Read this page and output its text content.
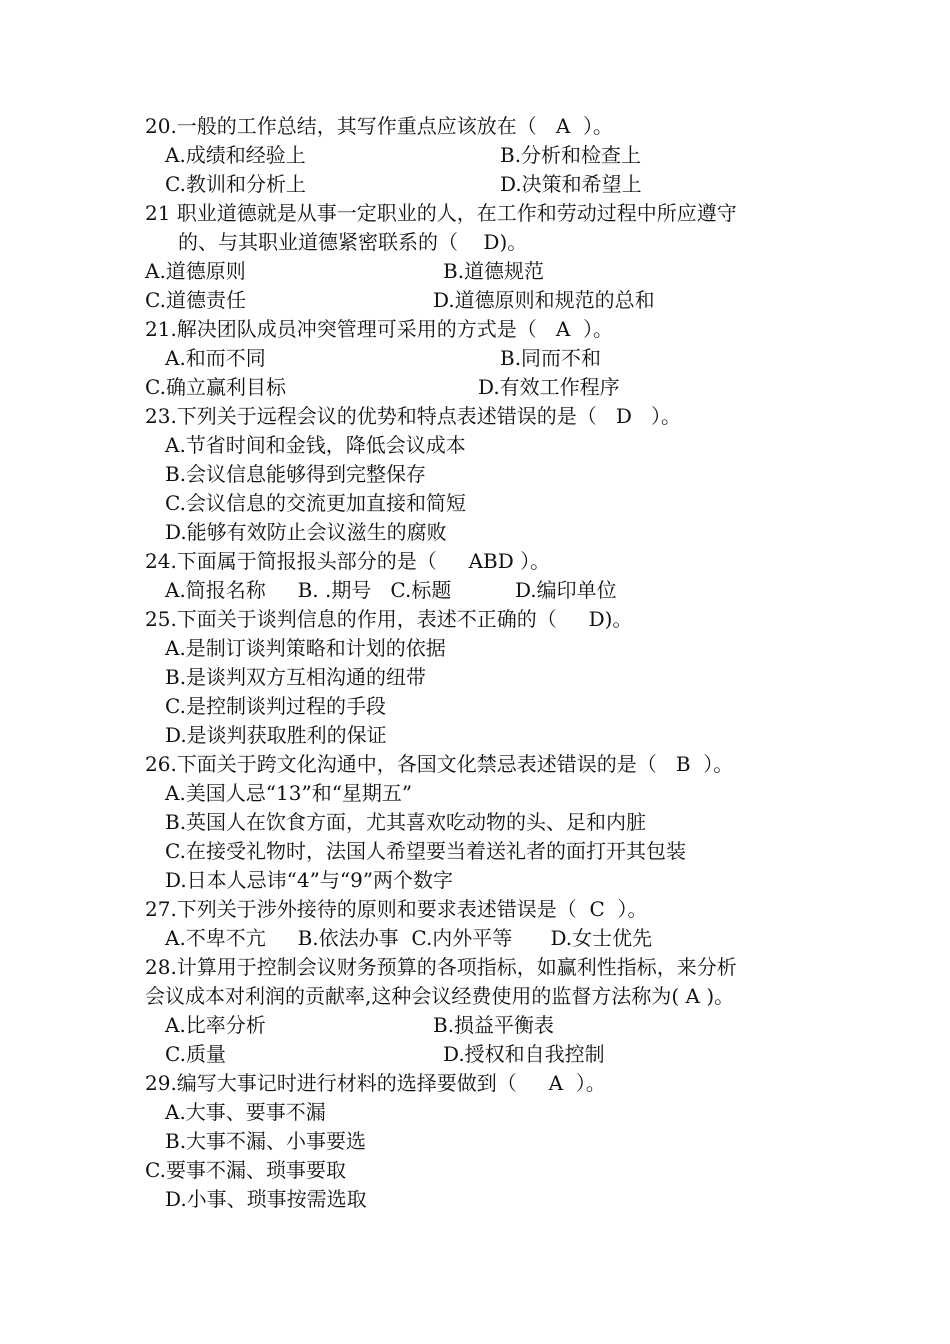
20.一般的工作总结，其写作重点应该放在（   A  ）。

A.成绩和经验上

	B.分析和检查上

C.教训和分析上

	D.决策和希望上

21 职业道德就是从事一定职业的人，在工作和劳动过程中所应遵守
的、与其职业道德紧密联系的（    D)。

A.道德原则

	B.道德规范

C.道德责任

	D.道德原则和规范的总和

21.解决团队成员冲突管理可采用的方式是（   A  ）。

A.和而不同

	B.同而不和

C.确立赢利目标

	D.有效工作程序

23.下列关于远程会议的优势和特点表述错误的是（   D   ）。
A.节省时间和金钱，降低会议成本
B.会议信息能够得到完整保存
C.会议信息的交流更加直接和简短
D.能够有效防止会议滋生的腐败
24.下面属于简报报头部分的是（     ABD ）。
A.简报名称     B. .期号   C.标题          D.编印单位
25.下面关于谈判信息的作用，表述不正确的（     D)。
A.是制订谈判策略和计划的依据
B.是谈判双方互相沟通的纽带
C.是控制谈判过程的手段
D.是谈判获取胜利的保证
26.下面关于跨文化沟通中，各国文化禁忌表述错误的是（   B  ）。
A.美国人忌“13”和“星期五”
B.英国人在饮食方面，尤其喜欢吃动物的头、足和内脏
C.在接受礼物时，法国人希望要当着送礼者的面打开其包装
D.日本人忌讳“4”与“9”两个数字
27.下列关于涉外接待的原则和要求表述错误是（  C  ）。
A.不卑不亢     B.依法办事  C.内外平等      D.女士优先
28.计算用于控制会议财务预算的各项指标，如赢利性指标，来分析
会议成本对利润的贡献率,这种会议经费使用的监督方法称为( A )。

A.比率分析

	B.损益平衡表

C.质量

	D.授权和自我控制

29.编写大事记时进行材料的选择要做到（     A  ）。
A.大事、要事不漏
B.大事不漏、小事要选
C.要事不漏、琐事要取
D.小事、琐事按需选取
